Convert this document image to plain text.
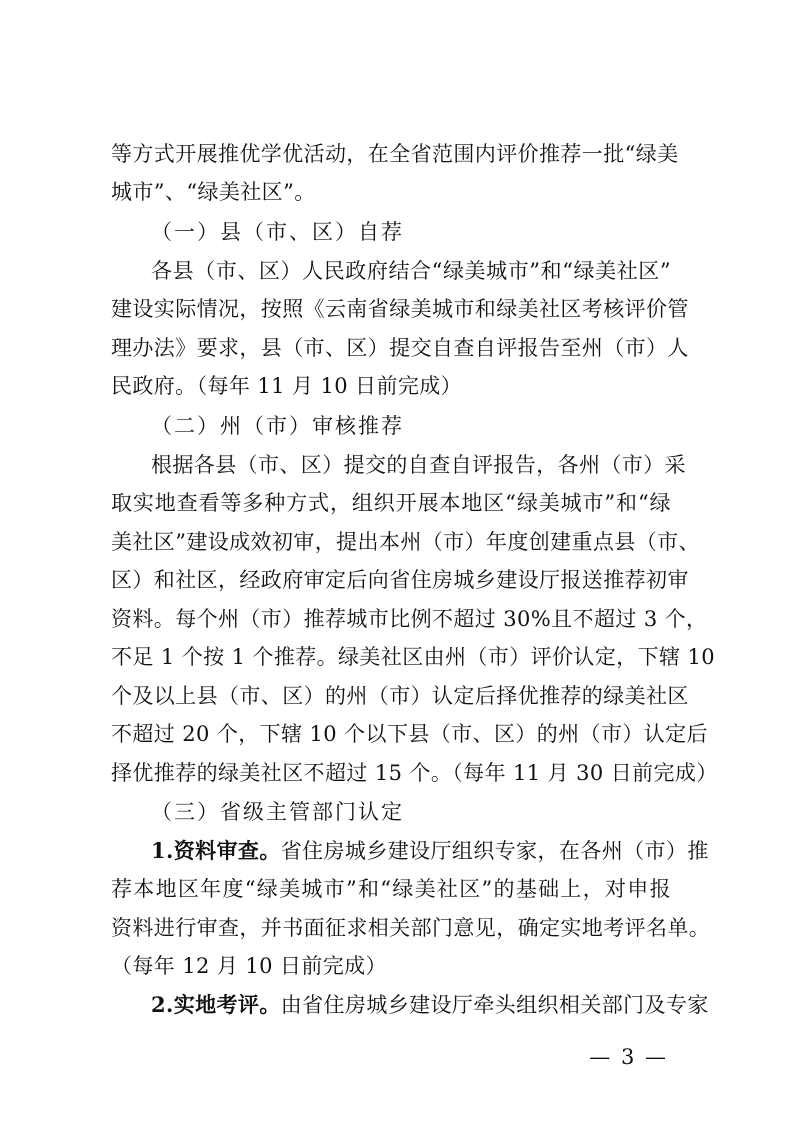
等方式开展推优学优活动，在全省范围内评价推荐一批“绿美
城市”、“绿美社区”。
（一）县（市、区）自荐
各县（市、区）人民政府结合“绿美城市”和“绿美社区”
建设实际情况，按照《云南省绿美城市和绿美社区考核评价管
理办法》要求，县（市、区）提交自查自评报告至州（市）人
民政府。（每年 11 月 10 日前完成）
（二）州（市）审核推荐
根据各县（市、区）提交的自查自评报告，各州（市）采
取实地查看等多种方式，组织开展本地区“绿美城市”和“绿
美社区”建设成效初审，提出本州（市）年度创建重点县（市、
区）和社区，经政府审定后向省住房城乡建设厅报送推荐初审
资料。每个州（市）推荐城市比例不超过 30%且不超过 3 个，
不足 1 个按 1 个推荐。绿美社区由州（市）评价认定，下辖 10
个及以上县（市、区）的州（市）认定后择优推荐的绿美社区
不超过 20 个，下辖 10 个以下县（市、区）的州（市）认定后
择优推荐的绿美社区不超过 15 个。（每年 11 月 30 日前完成）
（三）省级主管部门认定
1.资料审查。省住房城乡建设厅组织专家，在各州（市）推
荐本地区年度“绿美城市”和“绿美社区”的基础上，对申报
资料进行审查，并书面征求相关部门意见，确定实地考评名单。
（每年 12 月 10 日前完成）
2.实地考评。由省住房城乡建设厅牵头组织相关部门及专家
— 3 —
